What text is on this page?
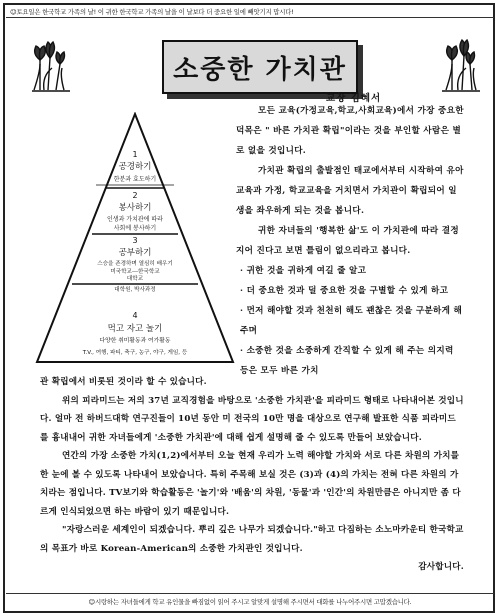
☺토요일은 한국학교 가족의 날! 이 귀한 한국학교 가족의 날을 이 날보다 더 중요한 일에 빼앗기지 맙시다!
소중한 가치관
교장 김혜서
1
공경하기
한분과 효도하기
2
봉사하기
인생과 가치관에 따라
사회에 봉사하기
3
공부하기
스승을 존경하며 열심히 배우기
미국학교---한국학교
대학교
대학원, 박사과정
4
먹고 자고 놀기
다양한 취미활동과 여가활동
T.V., 여행, 파티, 축구, 농구, 야구, 게임, 등

모든 교육(가정교육,학교,사회교육)에서 가장 중요한 덕목은 " 바른 가치관 확립"이라는 것을 부인할 사람은 별로 없을 것입니다.

가치관 확립의 출발점인 태교에서부터 시작하여 유아교육과 가정, 학교교육을 거치면서 가치관이 확립되어 일생을 좌우하게 되는 것을 봅니다.

귀한 자녀들의 '행복한 삶'도 이 가치관에 따라 결정지어 진다고 보면 틀림이 없으리라고 봅니다.

· 귀한 것을 귀하게 여길 줄 알고
· 더 중요한 것과 덜 중요한 것을 구별할 수 있게 하고
· 먼저 해야할 것과 천천히 해도 괜찮은 것을 구분하게 해 주며
· 소중한 것을 소중하게 간직할 수 있게 해 주는 의지력 등은 모두 바른 가치

관 확립에서 비롯된 것이라 할 수 있습니다.

위의 피라미드는 저의 37년 교직경험을 바탕으로 '소중한 가치관'을 피라미드 형태로 나타내어본 것입니다. 얼마 전 하버드대학 연구진들이 10년 동안 미 전국의 10만 명을 대상으로 연구해 발표한 식품 피라미드를 흉내내어 귀한 자녀들에게 '소중한 가치관'에 대해 쉽게 설명해 줄 수 있도록 만들어 보았습니다.

연간의 가장 소중한 가치(1,2)에서부터 오늘 현재 우리가 노력 해야할 가치와 서로 다른 차원의 가치를 한 눈에 볼 수 있도록 나타내어 보았습니다. 특히 주목해 보실 것은 (3)과 (4)의 가치는 전혀 다른 차원의 가치라는 점입니다. TV보기와 학습활동은 '놀기'와 '배움'의 차원, '동물'과 '인간'의 차원만큼은 아니지만 좀 다르게 인식되었으면 하는 바람이 있기 때문입니다.

"자랑스러운 세계인이 되겠습니다. 뿌리 깊은 나무가 되겠습니다."하고 다짐하는 소노마카운티 한국학교의 목표가 바로 Korean-American의 소중한 가치관인 것입니다.

감사합니다.

☺시랑하는 자녀들에게 학교 유인물을 빠짐없이 읽어 주시고 알맞게 설명해 주시면서 대화를 나누어주시면 고맙겠습니다.
